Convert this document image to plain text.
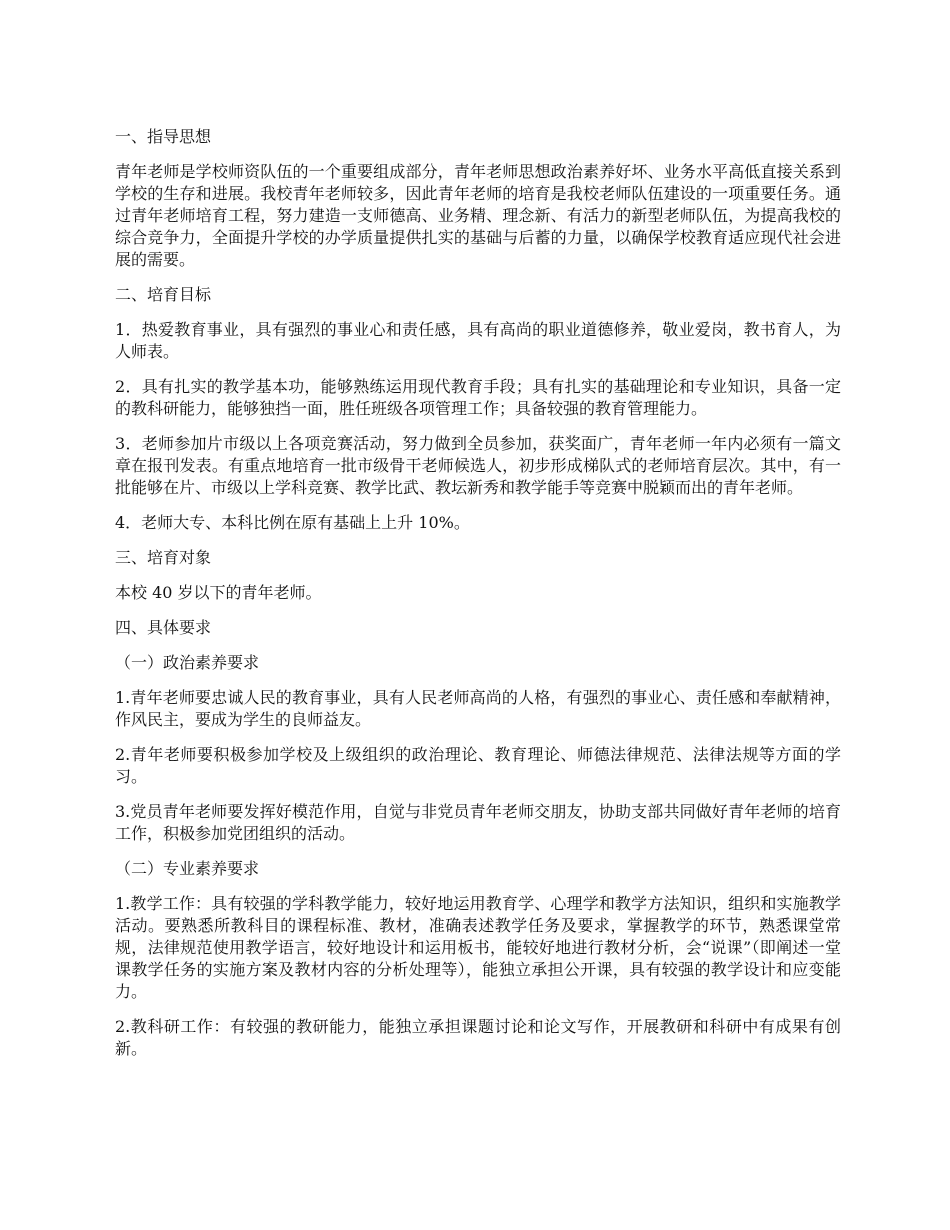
一、指导思想
青年老师是学校师资队伍的一个重要组成部分，青年老师思想政治素养好坏、业务水平高低直接关系到学校的生存和进展。我校青年老师较多，因此青年老师的培育是我校老师队伍建设的一项重要任务。通过青年老师培育工程，努力建造一支师德高、业务精、理念新、有活力的新型老师队伍，为提高我校的综合竞争力，全面提升学校的办学质量提供扎实的基础与后蓄的力量，以确保学校教育适应现代社会进展的需要。
二、培育目标
1．热爱教育事业，具有强烈的事业心和责任感，具有高尚的职业道德修养，敬业爱岗，教书育人，为人师表。
2．具有扎实的教学基本功，能够熟练运用现代教育手段；具有扎实的基础理论和专业知识，具备一定的教科研能力，能够独挡一面，胜任班级各项管理工作；具备较强的教育管理能力。
3．老师参加片市级以上各项竞赛活动，努力做到全员参加，获奖面广，青年老师一年内必须有一篇文章在报刊发表。有重点地培育一批市级骨干老师候选人，初步形成梯队式的老师培育层次。其中，有一批能够在片、市级以上学科竞赛、教学比武、教坛新秀和教学能手等竞赛中脱颖而出的青年老师。
4．老师大专、本科比例在原有基础上上升 10%。
三、培育对象
本校 40 岁以下的青年老师。
四、具体要求
（一）政治素养要求
1.青年老师要忠诚人民的教育事业，具有人民老师高尚的人格，有强烈的事业心、责任感和奉献精神，作风民主，要成为学生的良师益友。
2.青年老师要积极参加学校及上级组织的政治理论、教育理论、师德法律规范、法律法规等方面的学习。
3.党员青年老师要发挥好模范作用，自觉与非党员青年老师交朋友，协助支部共同做好青年老师的培育工作，积极参加党团组织的活动。
（二）专业素养要求
1.教学工作：具有较强的学科教学能力，较好地运用教育学、心理学和教学方法知识，组织和实施教学活动。要熟悉所教科目的课程标准、教材，准确表述教学任务及要求，掌握教学的环节，熟悉课堂常规，法律规范使用教学语言，较好地设计和运用板书，能较好地进行教材分析，会“说课”（即阐述一堂课教学任务的实施方案及教材内容的分析处理等），能独立承担公开课，具有较强的教学设计和应变能力。
2.教科研工作：有较强的教研能力，能独立承担课题讨论和论文写作，开展教研和科研中有成果有创新。
